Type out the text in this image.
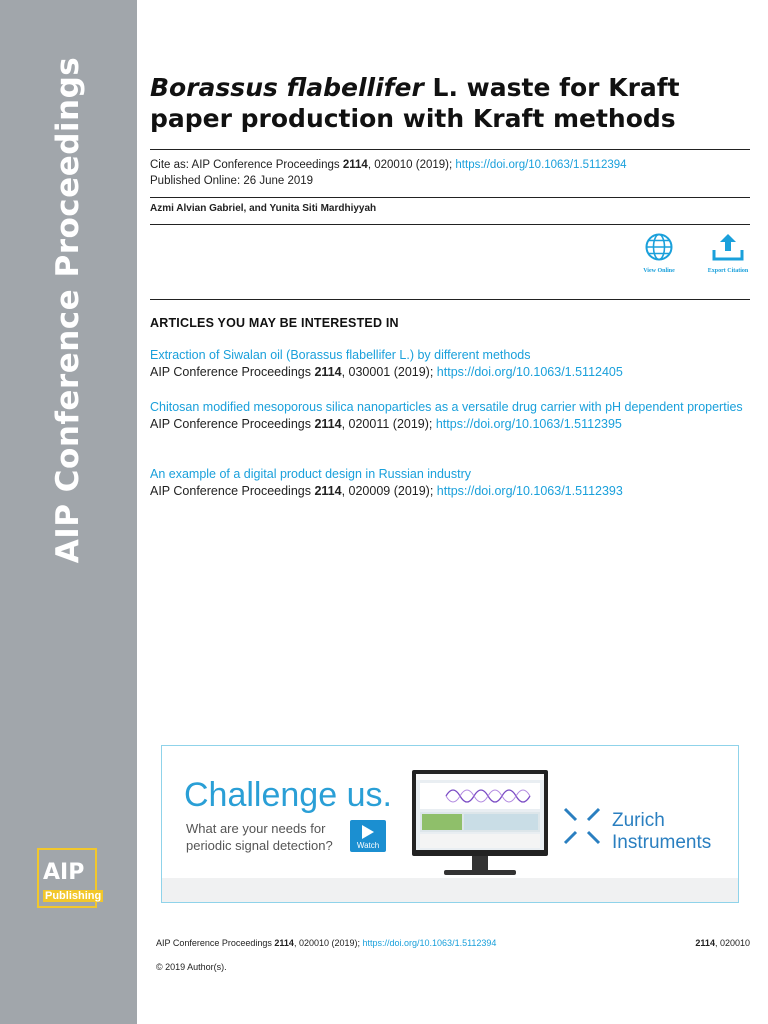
AIP Conference Proceedings
AIP
Publishing
Borassus flabellifer L. waste for Kraft paper production with Kraft methods
Cite as: AIP Conference Proceedings 2114, 020010 (2019); https://doi.org/10.1063/1.5112394
Published Online: 26 June 2019
Azmi Alvian Gabriel, and Yunita Siti Mardhiyyah
View Online	Export Citation
ARTICLES YOU MAY BE INTERESTED IN
Extraction of Siwalan oil (Borassus flabellifer L.) by different methods
AIP Conference Proceedings 2114, 030001 (2019); https://doi.org/10.1063/1.5112405
Chitosan modified mesoporous silica nanoparticles as a versatile drug carrier with pH dependent properties
AIP Conference Proceedings 2114, 020011 (2019); https://doi.org/10.1063/1.5112395
An example of a digital product design in Russian industry
AIP Conference Proceedings 2114, 020009 (2019); https://doi.org/10.1063/1.5112393
Challenge us.
What are your needs for
periodic signal detection?	Watch
Zurich
Instruments
AIP Conference Proceedings 2114, 020010 (2019); https://doi.org/10.1063/1.5112394	2114, 020010
© 2019 Author(s).
